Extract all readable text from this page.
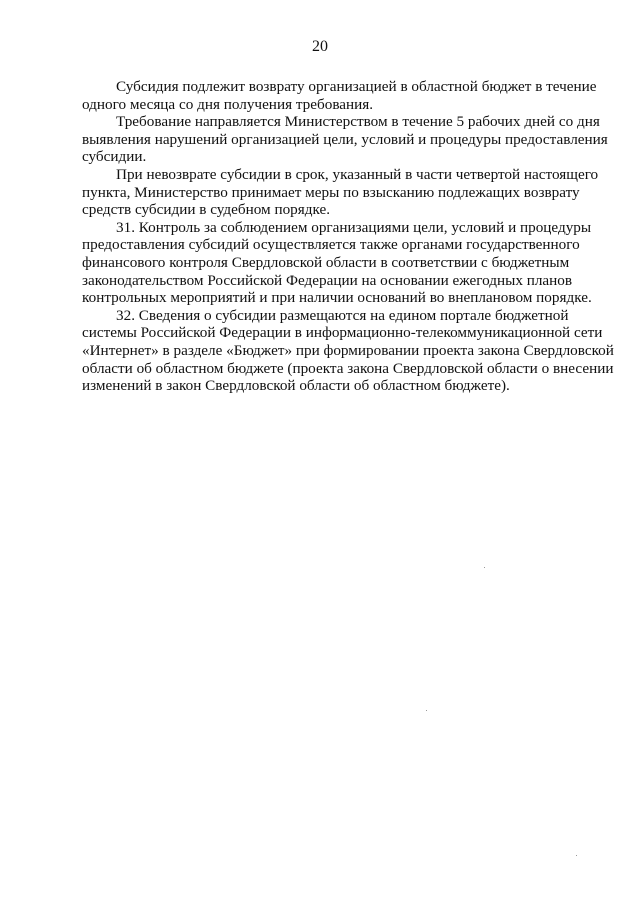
20
Субсидия подлежит возврату организацией в областной бюджет в течение
одного месяца со дня получения требования.
Требование направляется Министерством в течение 5 рабочих дней со дня
выявления нарушений организацией цели, условий и процедуры предоставления
субсидии.
При невозврате субсидии в срок, указанный в части четвертой настоящего
пункта, Министерство принимает меры по взысканию подлежащих возврату
средств субсидии в судебном порядке.
31. Контроль за соблюдением организациями цели, условий и процедуры
предоставления субсидий осуществляется также органами государственного
финансового контроля Свердловской области в соответствии с бюджетным
законодательством Российской Федерации на основании ежегодных планов
контрольных мероприятий и при наличии оснований во внеплановом порядке.
32. Сведения о субсидии размещаются на едином портале бюджетной
системы Российской Федерации в информационно-телекоммуникационной сети
«Интернет» в разделе «Бюджет» при формировании проекта закона Свердловской
области об областном бюджете (проекта закона Свердловской области о внесении
изменений в закон Свердловской области об областном бюджете).
